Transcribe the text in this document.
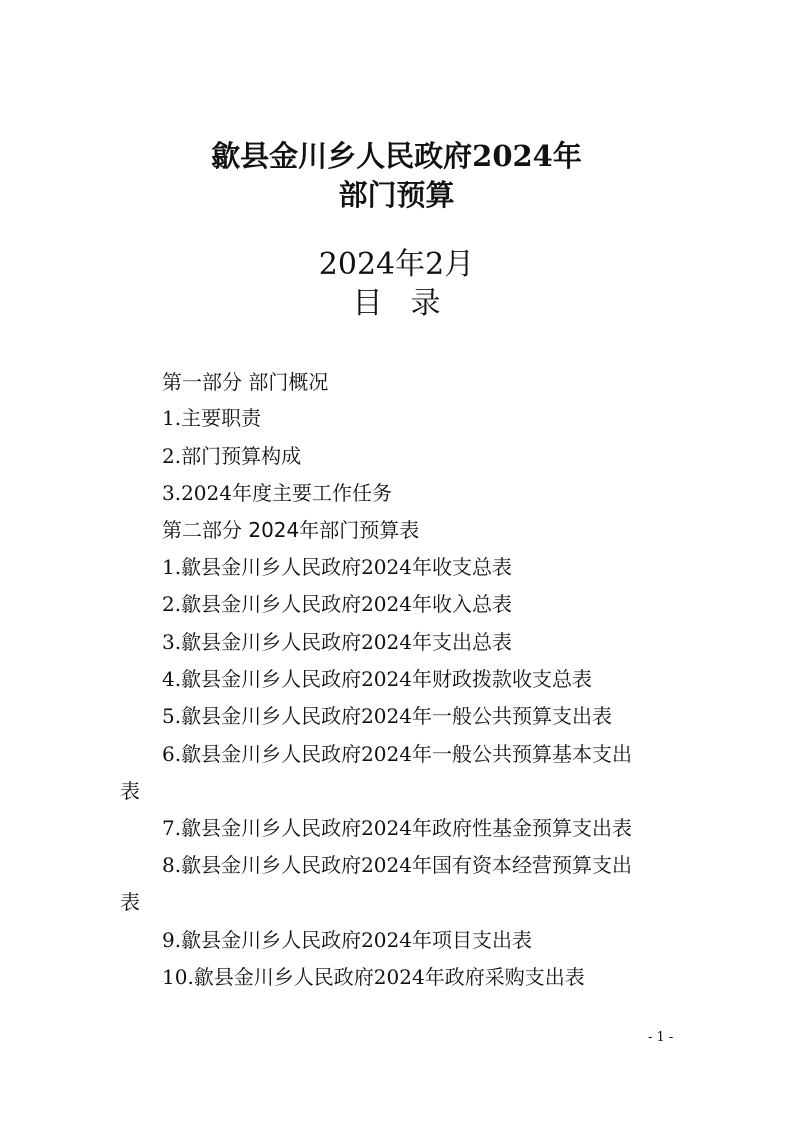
歙县金川乡人民政府2024年
部门预算
2024年2月
目录
第一部分 部门概况
1.主要职责
2.部门预算构成
3.2024年度主要工作任务
第二部分 2024年部门预算表
1.歙县金川乡人民政府2024年收支总表
2.歙县金川乡人民政府2024年收入总表
3.歙县金川乡人民政府2024年支出总表
4.歙县金川乡人民政府2024年财政拨款收支总表
5.歙县金川乡人民政府2024年一般公共预算支出表
6.歙县金川乡人民政府2024年一般公共预算基本支出
表
7.歙县金川乡人民政府2024年政府性基金预算支出表
8.歙县金川乡人民政府2024年国有资本经营预算支出
表
9.歙县金川乡人民政府2024年项目支出表
10.歙县金川乡人民政府2024年政府采购支出表
- 1 -
